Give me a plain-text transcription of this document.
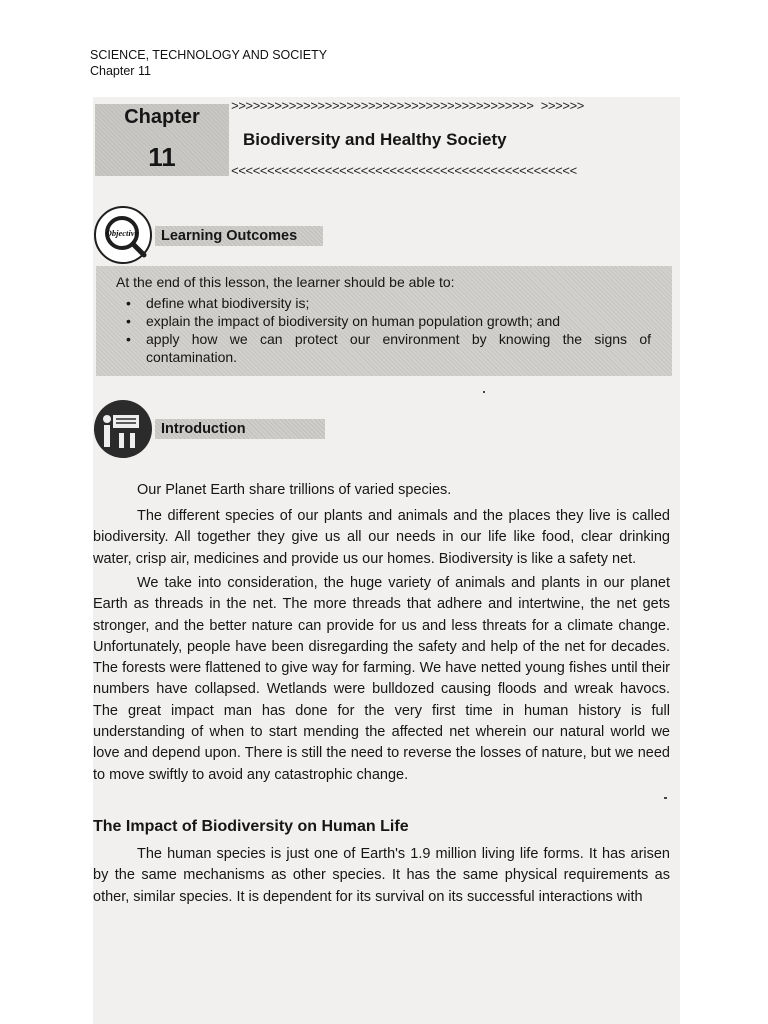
SCIENCE, TECHNOLOGY AND SOCIETY
Chapter 11
Chapter
11
>>>>>>>>>>>>>>>>>>>>>>>>>>>>>>>>>>>>>>>>>> >>>>>>
Biodiversity and Healthy Society
<<<<<<<<<<<<<<<<<<<<<<<<<<<<<<<<<<<<<<<<<<<<<<<<
Objective	Learning Outcomes
At the end of this lesson, the learner should be able to:
• define what biodiversity is;
• explain the impact of biodiversity on human population growth; and
• apply how we can protect our environment by knowing the signs of contamination.
Introduction

Our Planet Earth share trillions of varied species.

The different species of our plants and animals and the places they live is called biodiversity. All together they give us all our needs in our life like food, clear drinking water, crisp air, medicines and provide us our homes. Biodiversity is like a safety net.

We take into consideration, the huge variety of animals and plants in our planet Earth as threads in the net. The more threads that adhere and intertwine, the net gets stronger, and the better nature can provide for us and less threats for a climate change. Unfortunately, people have been disregarding the safety and help of the net for decades. The forests were flattened to give way for farming. We have netted young fishes until their numbers have collapsed. Wetlands were bulldozed causing floods and wreak havocs. The great impact man has done for the very first time in human history is full understanding of when to start mending the affected net wherein our natural world we love and depend upon. There is still the need to reverse the losses of nature, but we need to move swiftly to avoid any catastrophic change.

The Impact of Biodiversity on Human Life

The human species is just one of Earth's 1.9 million living life forms. It has arisen by the same mechanisms as other species. It has the same physical requirements as other, similar species. It is dependent for its survival on its successful interactions with
